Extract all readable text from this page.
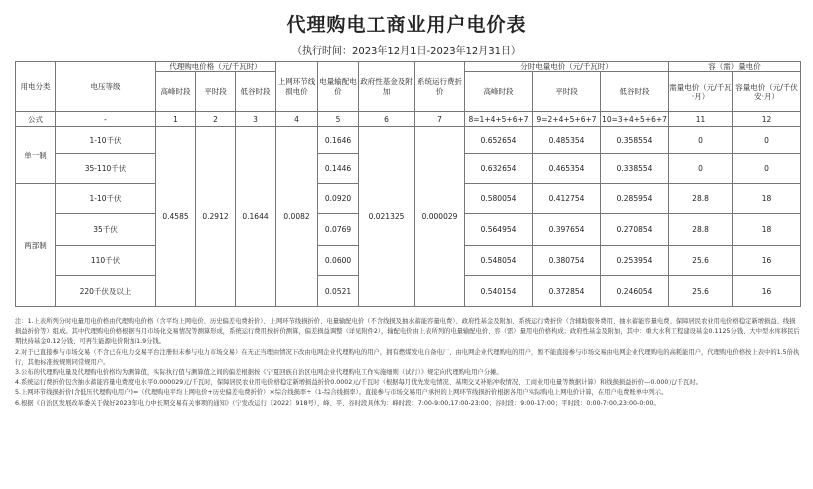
代理购电工商业用户电价表
（执行时间：2023年12月1日-2023年12月31日）
用电分类	电压等级	代理购电价格（元/千瓦时）			上网环节线损电价	电量输配电价	政府性基金及附加	系统运行费折价	分时电量电价（元/千瓦时）			容（需）量电价	
		高峰时段	平时段	低谷时段					高峰时段	平时段	低谷时段	需量电价（元/千瓦·月）	容量电价（元/千伏安·月）
公式	-	1	2	3	4	5	6	7	8=1+4+5+6+7	9=2+4+5+6+7	10=3+4+5+6+7	11	12
单一制	1-10千伏	0.4585	0.2912	0.1644	0.0082	0.1646	0.021325	0.000029	0.652654	0.485354	0.358554	0	0
	35-110千伏					0.1446			0.632654	0.465354	0.338554	0	0
两部制	1-10千伏					0.0920			0.580054	0.412754	0.285954	28.8	18
	35千伏					0.0769			0.564954	0.397654	0.270854	28.8	18
	110千伏					0.0600			0.548054	0.380754	0.253954	25.6	16
	220千伏及以上					0.0521			0.540154	0.372854	0.246054	25.6	16

注：1.上表所列分时电量用电价格由代理购电价格（含平均上网电价、历史偏差电费折价）、上网环节线损折价、电量输配电价（不含线损及抽水蓄能容量电费）、政府性基金及附加、系统运行费折价（含辅助服务费用、抽水蓄能容量电费、保障居民农业用电价格稳定新增损益、线损损益折价等）组成。其中代理购电价格根据当月市场化交易情况等测算形成，系统运行费用按折价测算，偏差损益调整（详见附件2），输配电价由上表所列的电量输配电价、容（需）量用电价格构成；政府性基金及附加，其中：重大水利工程建设基金0.1125分钱、大中型水库移民后期扶持基金0.12分钱、可再生能源电价附加1.9分钱。

2.对于已直接参与市场交易（不含已在电力交易平台注册但未参与电力市场交易）在无正当理由情况下改由电网企业代理购电的用户，拥有燃煤发电自备电厂、由电网企业代理购电的用户，暂不能直接参与市场交易由电网企业代理购电的高耗能用户，代理购电价格按上表中的1.5倍执行，其他标准按规则同常规用户。

3.公布的代理购电量及代理购电价格均为测算值，实际执行值与测算值之间的偏差根据按《宁夏回族自治区电网企业代理购电工作实施细则（试行）》规定向代理购电用户分摊。

4.系统运行费折价包含抽水蓄能容量电费度电水平0.000029元/千瓦时，保障居民农业用电价格稳定新增损益折价0.0002元/千瓦时（根据每月优先发电情况、基期交叉补贴冲收情况、工商业用电量等数据计算）和线损损益折价—0.000元/千瓦时。

5.上网环节线损折价(含低压代理购电用户)=（代理购电平均上网电价+历史偏差电费折价）×综合线损率÷（1-综合线损率）。直接参与市场交易用户承担的上网环节线损折价根据各用户实际购电上网电价计算，在用户电费账单中列示。

6.根据《自治区发展改革委关于做好2023年电力中长期交易有关事项的通知》（宁发改运行〔2022〕918号），峰、平、谷时段具体为：峰时段：7:00-9:00,17:00-23:00；谷时段：9:00-17:00；平时段：0:00-7:00,23:00-0:00。
